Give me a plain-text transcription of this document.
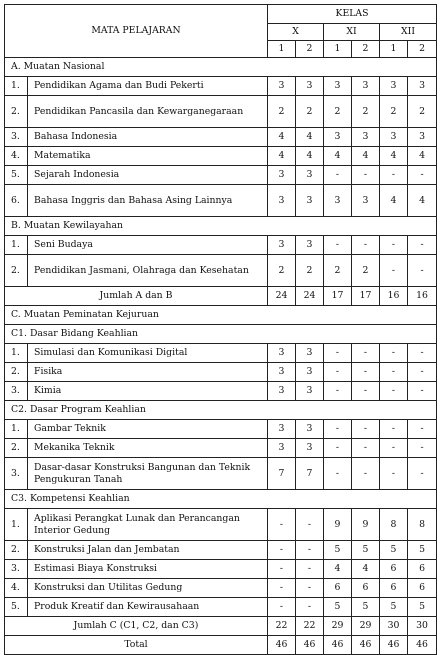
MATA PELAJARAN		KELAS					
		X		XI		XII	
		1	2	1	2	1	2
A. Muatan Nasional							
1.	Pendidikan Agama dan Budi Pekerti	3	3	3	3	3	3
2.	Pendidikan Pancasila dan Kewarganegaraan	2	2	2	2	2	2
3.	Bahasa Indonesia	4	4	3	3	3	3
4.	Matematika	4	4	4	4	4	4
5.	Sejarah Indonesia	3	3	-	-	-	-
6.	Bahasa Inggris dan Bahasa Asing Lainnya	3	3	3	3	4	4
B. Muatan Kewilayahan							
1.	Seni Budaya	3	3	-	-	-	-
2.	Pendidikan Jasmani, Olahraga dan Kesehatan	2	2	2	2	-	-
Jumlah A dan B		24	24	17	17	16	16
C. Muatan Peminatan Kejuruan							
C1. Dasar Bidang Keahlian							
1.	Simulasi dan Komunikasi Digital	3	3	-	-	-	-
2.	Fisika	3	3	-	-	-	-
3.	Kimia	3	3	-	-	-	-
C2. Dasar Program Keahlian							
1.	Gambar Teknik	3	3	-	-	-	-
2.	Mekanika Teknik	3	3	-	-	-	-
3.	Dasar-dasar Konstruksi Bangunan dan Teknik Pengukuran Tanah	7	7	-	-	-	-
C3. Kompetensi Keahlian							
1.	Aplikasi Perangkat Lunak dan Perancangan Interior Gedung	-	-	9	9	8	8
2.	Konstruksi Jalan dan Jembatan	-	-	5	5	5	5
3.	Estimasi Biaya Konstruksi	-	-	4	4	6	6
4.	Konstruksi dan Utilitas Gedung	-	-	6	6	6	6
5.	Produk Kreatif dan Kewirausahaan	-	-	5	5	5	5
Jumlah C (C1, C2, dan C3)		22	22	29	29	30	30
Total		46	46	46	46	46	46
